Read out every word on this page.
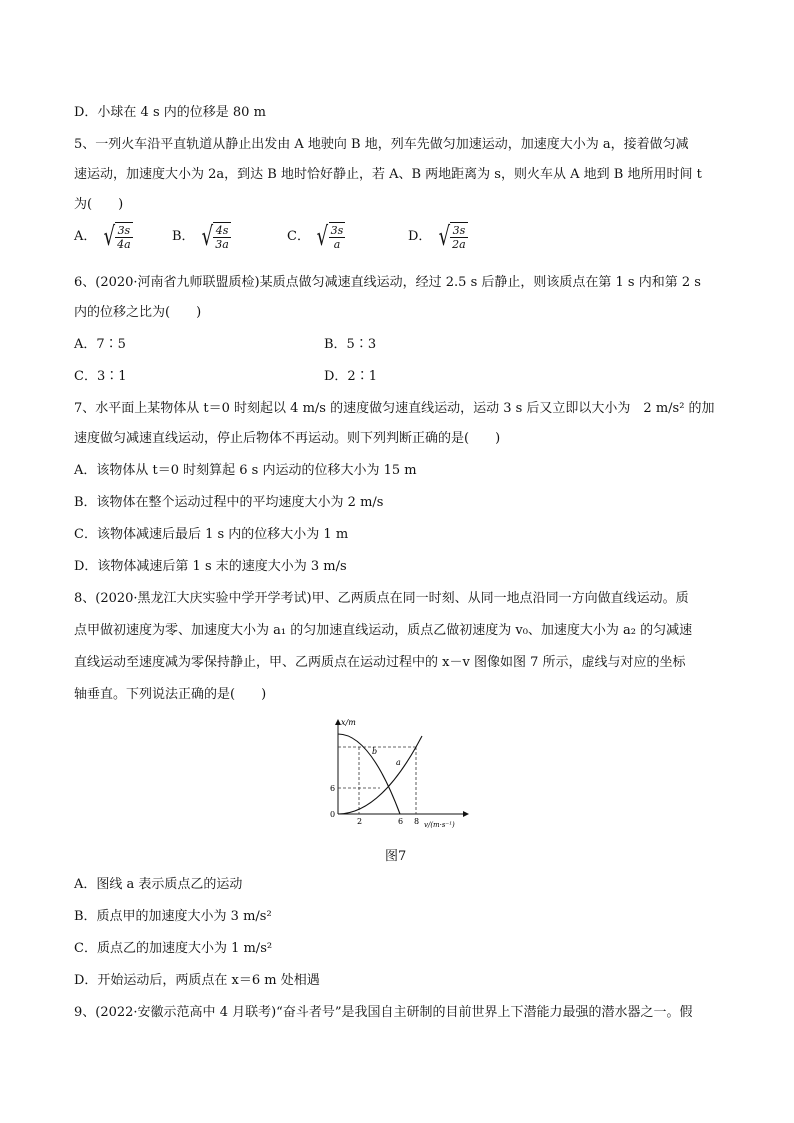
D．小球在 4 s 内的位移是 80 m
5、一列火车沿平直轨道从静止出发由 A 地驶向 B 地，列车先做匀加速运动，加速度大小为 a，接着做匀减
速运动，加速度大小为 2a，到达 B 地时恰好静止，若 A、B 两地距离为 s，则火车从 A 地到 B 地所用时间 t
为(　　)
A． √ $\frac{3s}{4a}$	B． √ $\frac{4s}{3a}$	C． √ $\frac{3s}{a}$	D． √ $\frac{3s}{2a}$
6、(2020·河南省九师联盟质检)某质点做匀减速直线运动，经过 2.5 s 后静止，则该质点在第 1 s 内和第 2 s
内的位移之比为(　　)
A．7∶5	B．5∶3
C．3∶1	D．2∶1
7、水平面上某物体从 t＝0 时刻起以 4 m/s 的速度做匀速直线运动，运动 3 s 后又立即以大小为　2 m/s² 的加
速度做匀减速直线运动，停止后物体不再运动。则下列判断正确的是(　　)
A．该物体从 t＝0 时刻算起 6 s 内运动的位移大小为 15 m
B．该物体在整个运动过程中的平均速度大小为 2 m/s
C．该物体减速后最后 1 s 内的位移大小为 1 m
D．该物体减速后第 1 s 末的速度大小为 3 m/s
8、(2020·黑龙江大庆实验中学开学考试)甲、乙两质点在同一时刻、从同一地点沿同一方向做直线运动。质
点甲做初速度为零、加速度大小为 a₁ 的匀加速直线运动，质点乙做初速度为 v₀、加速度大小为 a₂ 的匀减速
直线运动至速度减为零保持静止，甲、乙两质点在运动过程中的 x－v 图像如图 7 所示，虚线与对应的坐标
轴垂直。下列说法正确的是(　　)
x/m
v/(m·s⁻¹)
0
6
2	6 8
a
b
图7
A．图线 a 表示质点乙的运动
B．质点甲的加速度大小为 3 m/s²
C．质点乙的加速度大小为 1 m/s²
D．开始运动后，两质点在 x＝6 m 处相遇
9、(2022·安徽示范高中 4 月联考)“奋斗者号”是我国自主研制的目前世界上下潜能力最强的潜水器之一。假
